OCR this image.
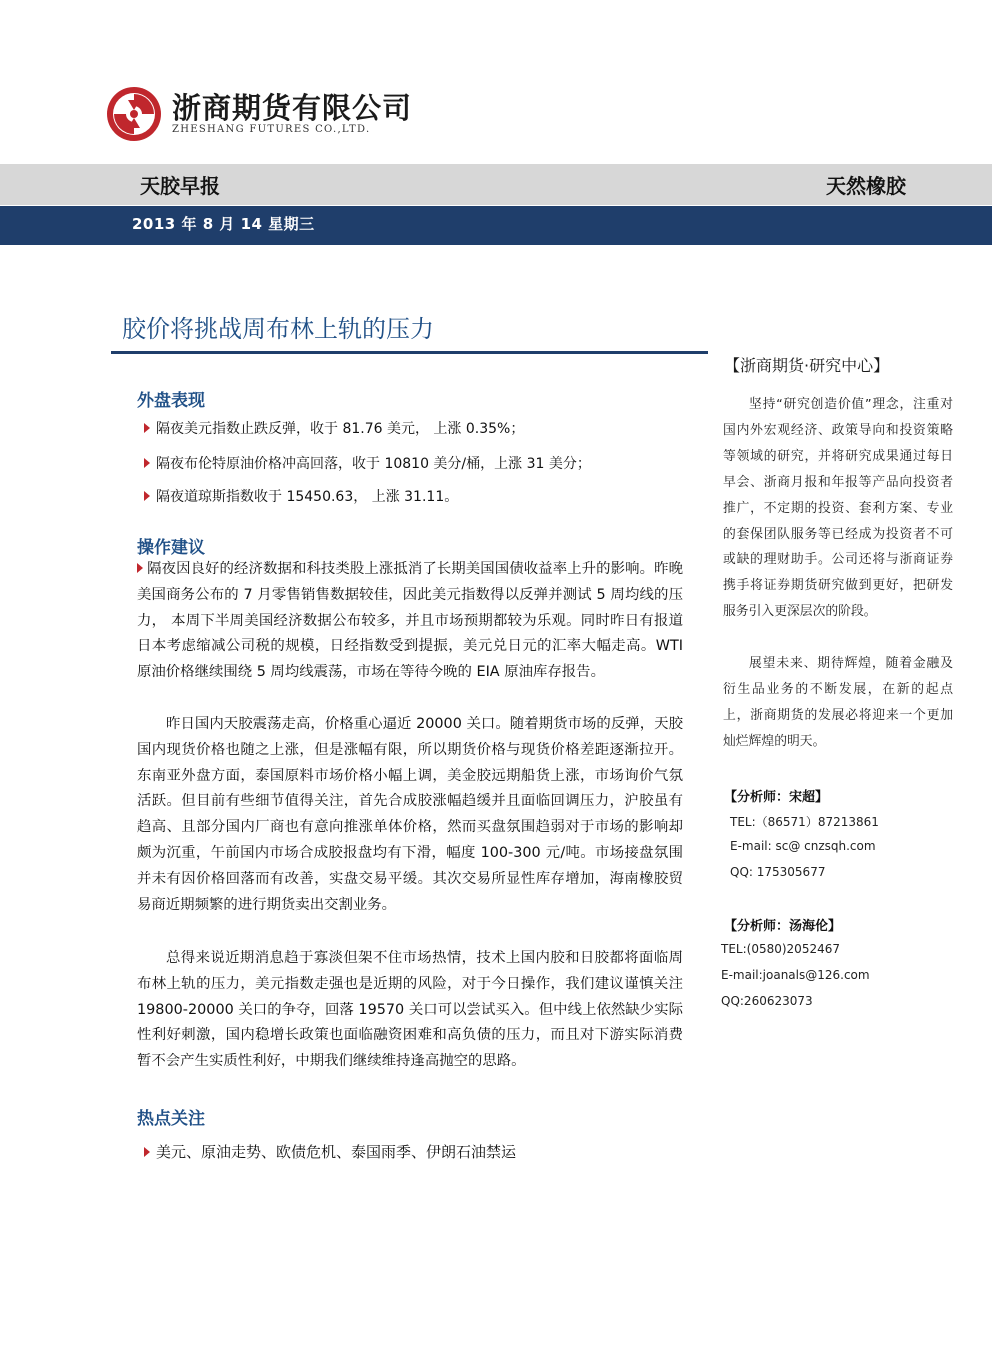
浙商期货有限公司
ZHESHANG FUTURES CO.,LTD.
天胶早报	天然橡胶
2013 年 8 月 14 星期三
胶价将挑战周布林上轨的压力
外盘表现
隔夜美元指数止跌反弹，收于 81.76 美元， 上涨 0.35%；
隔夜布伦特原油价格冲高回落，收于 10810 美分/桶，上涨 31 美分；
隔夜道琼斯指数收于 15450.63， 上涨 31.11。
操作建议
隔夜因良好的经济数据和科技类股上涨抵消了长期美国国债收益率上升的影响。昨晚美国商务公布的 7 月零售销售数据较佳，因此美元指数得以反弹并测试 5 周均线的压力， 本周下半周美国经济数据公布较多，并且市场预期都较为乐观。同时昨日有报道日本考虑缩减公司税的规模，日经指数受到提振，美元兑日元的汇率大幅走高。WTI 原油价格继续围绕 5 周均线震荡，市场在等待今晚的 EIA 原油库存报告。
昨日国内天胶震荡走高，价格重心逼近 20000 关口。随着期货市场的反弹，天胶国内现货价格也随之上涨，但是涨幅有限，所以期货价格与现货价格差距逐渐拉开。东南亚外盘方面，泰国原料市场价格小幅上调，美金胶远期船货上涨，市场询价气氛活跃。但目前有些细节值得关注，首先合成胶涨幅趋缓并且面临回调压力，沪胶虽有趋高、且部分国内厂商也有意向推涨单体价格，然而买盘氛围趋弱对于市场的影响却颇为沉重，午前国内市场合成胶报盘均有下滑，幅度 100-300 元/吨。市场接盘氛围并未有因价格回落而有改善，实盘交易平缓。其次交易所显性库存增加，海南橡胶贸易商近期频繁的进行期货卖出交割业务。
总得来说近期消息趋于寡淡但架不住市场热情，技术上国内胶和日胶都将面临周布林上轨的压力，美元指数走强也是近期的风险，对于今日操作，我们建议谨慎关注 19800-20000 关口的争夺，回落 19570 关口可以尝试买入。但中线上依然缺少实际性利好刺激，国内稳增长政策也面临融资困难和高负债的压力，而且对下游实际消费暂不会产生实质性利好，中期我们继续维持逢高抛空的思路。
热点关注
美元、原油走势、欧债危机、泰国雨季、伊朗石油禁运
【浙商期货·研究中心】
坚持“研究创造价值”理念，注重对国内外宏观经济、政策导向和投资策略等领域的研究，并将研究成果通过每日早会、浙商月报和年报等产品向投资者推广，不定期的投资、套利方案、专业的套保团队服务等已经成为投资者不可或缺的理财助手。公司还将与浙商证券携手将证券期货研究做到更好，把研发服务引入更深层次的阶段。
展望未来、期待辉煌，随着金融及衍生品业务的不断发展，在新的起点上，浙商期货的发展必将迎来一个更加灿烂辉煌的明天。
【分析师：宋超】
TEL:（86571）87213861
E-mail: sc@ cnzsqh.com
QQ: 175305677
【分析师：汤海伦】
TEL:(0580)2052467
E-mail:joanals@126.com
QQ:260623073
